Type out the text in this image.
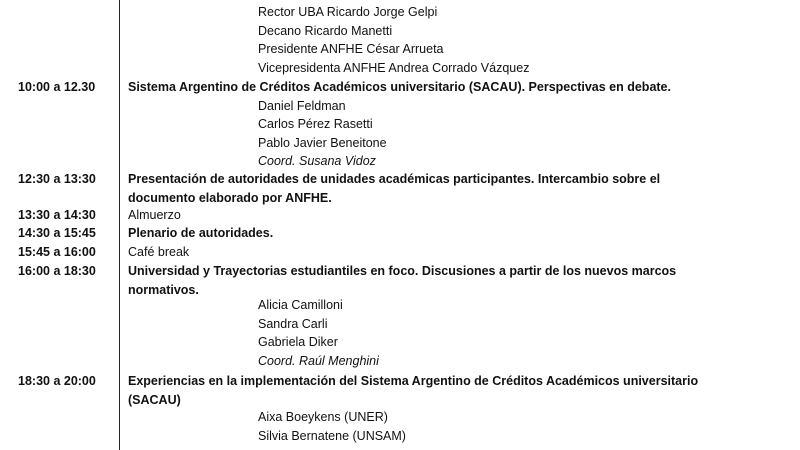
Rector UBA Ricardo Jorge Gelpi
Decano Ricardo Manetti
Presidente ANFHE César Arrueta
Vicepresidenta ANFHE Andrea Corrado Vázquez
10:00 a 12.30	Sistema Argentino de Créditos Académicos universitario (SACAU). Perspectivas en debate.
Daniel Feldman
Carlos Pérez Rasetti
Pablo Javier Beneitone
Coord. Susana Vidoz
12:30 a 13:30	Presentación de autoridades de unidades académicas participantes. Intercambio sobre el
documento elaborado por ANFHE.
13:30 a 14:30	Almuerzo
14:30 a 15:45	Plenario de autoridades.
15:45 a 16:00	Café break
16:00 a 18:30	Universidad y Trayectorias estudiantiles en foco. Discusiones a partir de los nuevos marcos
normativos.
Alicia Camilloni
Sandra Carli
Gabriela Diker
Coord. Raúl Menghini
18:30 a 20:00	Experiencias en la implementación del Sistema Argentino de Créditos Académicos universitario
(SACAU)
Aixa Boeykens (UNER)
Silvia Bernatene (UNSAM)
